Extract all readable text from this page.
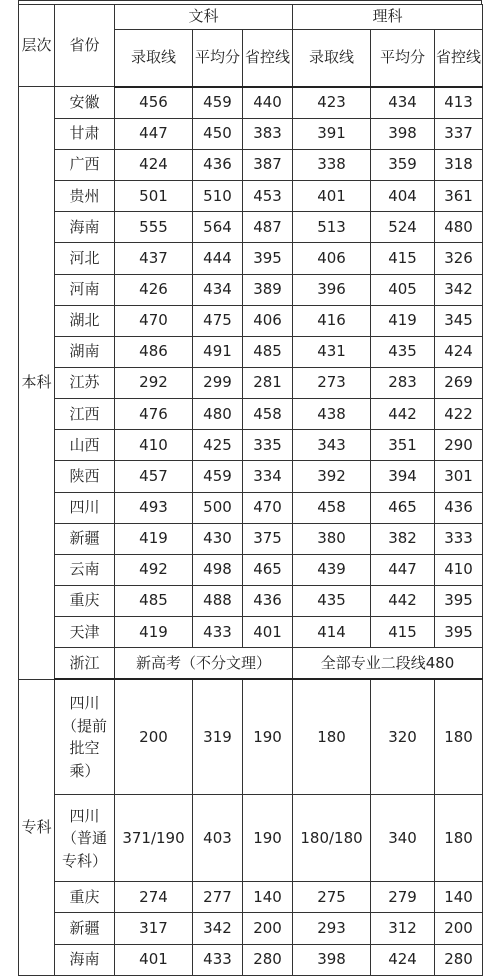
层次	省份	文科			理科		
		录取线	平均分	省控线	录取线	平均分	省控线
本科	安徽	456	459	440	423	434	413
	甘肃	447	450	383	391	398	337
	广西	424	436	387	338	359	318
	贵州	501	510	453	401	404	361
	海南	555	564	487	513	524	480
	河北	437	444	395	406	415	326
	河南	426	434	389	396	405	342
	湖北	470	475	406	416	419	345
	湖南	486	491	485	431	435	424
	江苏	292	299	281	273	283	269
	江西	476	480	458	438	442	422
	山西	410	425	335	343	351	290
	陕西	457	459	334	392	394	301
	四川	493	500	470	458	465	436
	新疆	419	430	375	380	382	333
	云南	492	498	465	439	447	410
	重庆	485	488	436	435	442	395
	天津	419	433	401	414	415	395
	浙江	新高考（不分文理）			全部专业二段线480		
专科	四川（提前批空乘）	200	319	190	180	320	180
	四川（普通专科）	371/190	403	190	180/180	340	180
	重庆	274	277	140	275	279	140
	新疆	317	342	200	293	312	200
	海南	401	433	280	398	424	280
